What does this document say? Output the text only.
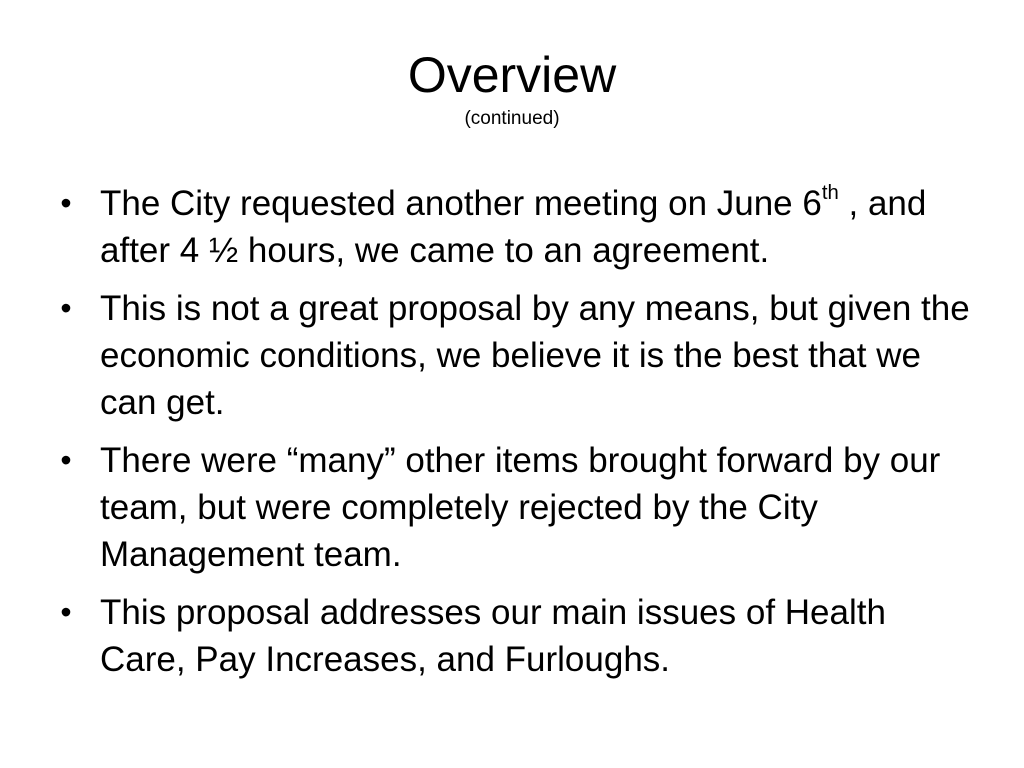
Overview
(continued)
• The City requested another meeting on June 6th , and after 4 ½ hours, we came to an agreement.
• This is not a great proposal by any means, but given the economic conditions, we believe it is the best that we can get.
• There were “many” other items brought forward by our team, but were completely rejected by the City Management team.
• This proposal addresses our main issues of Health Care, Pay Increases, and Furloughs.
